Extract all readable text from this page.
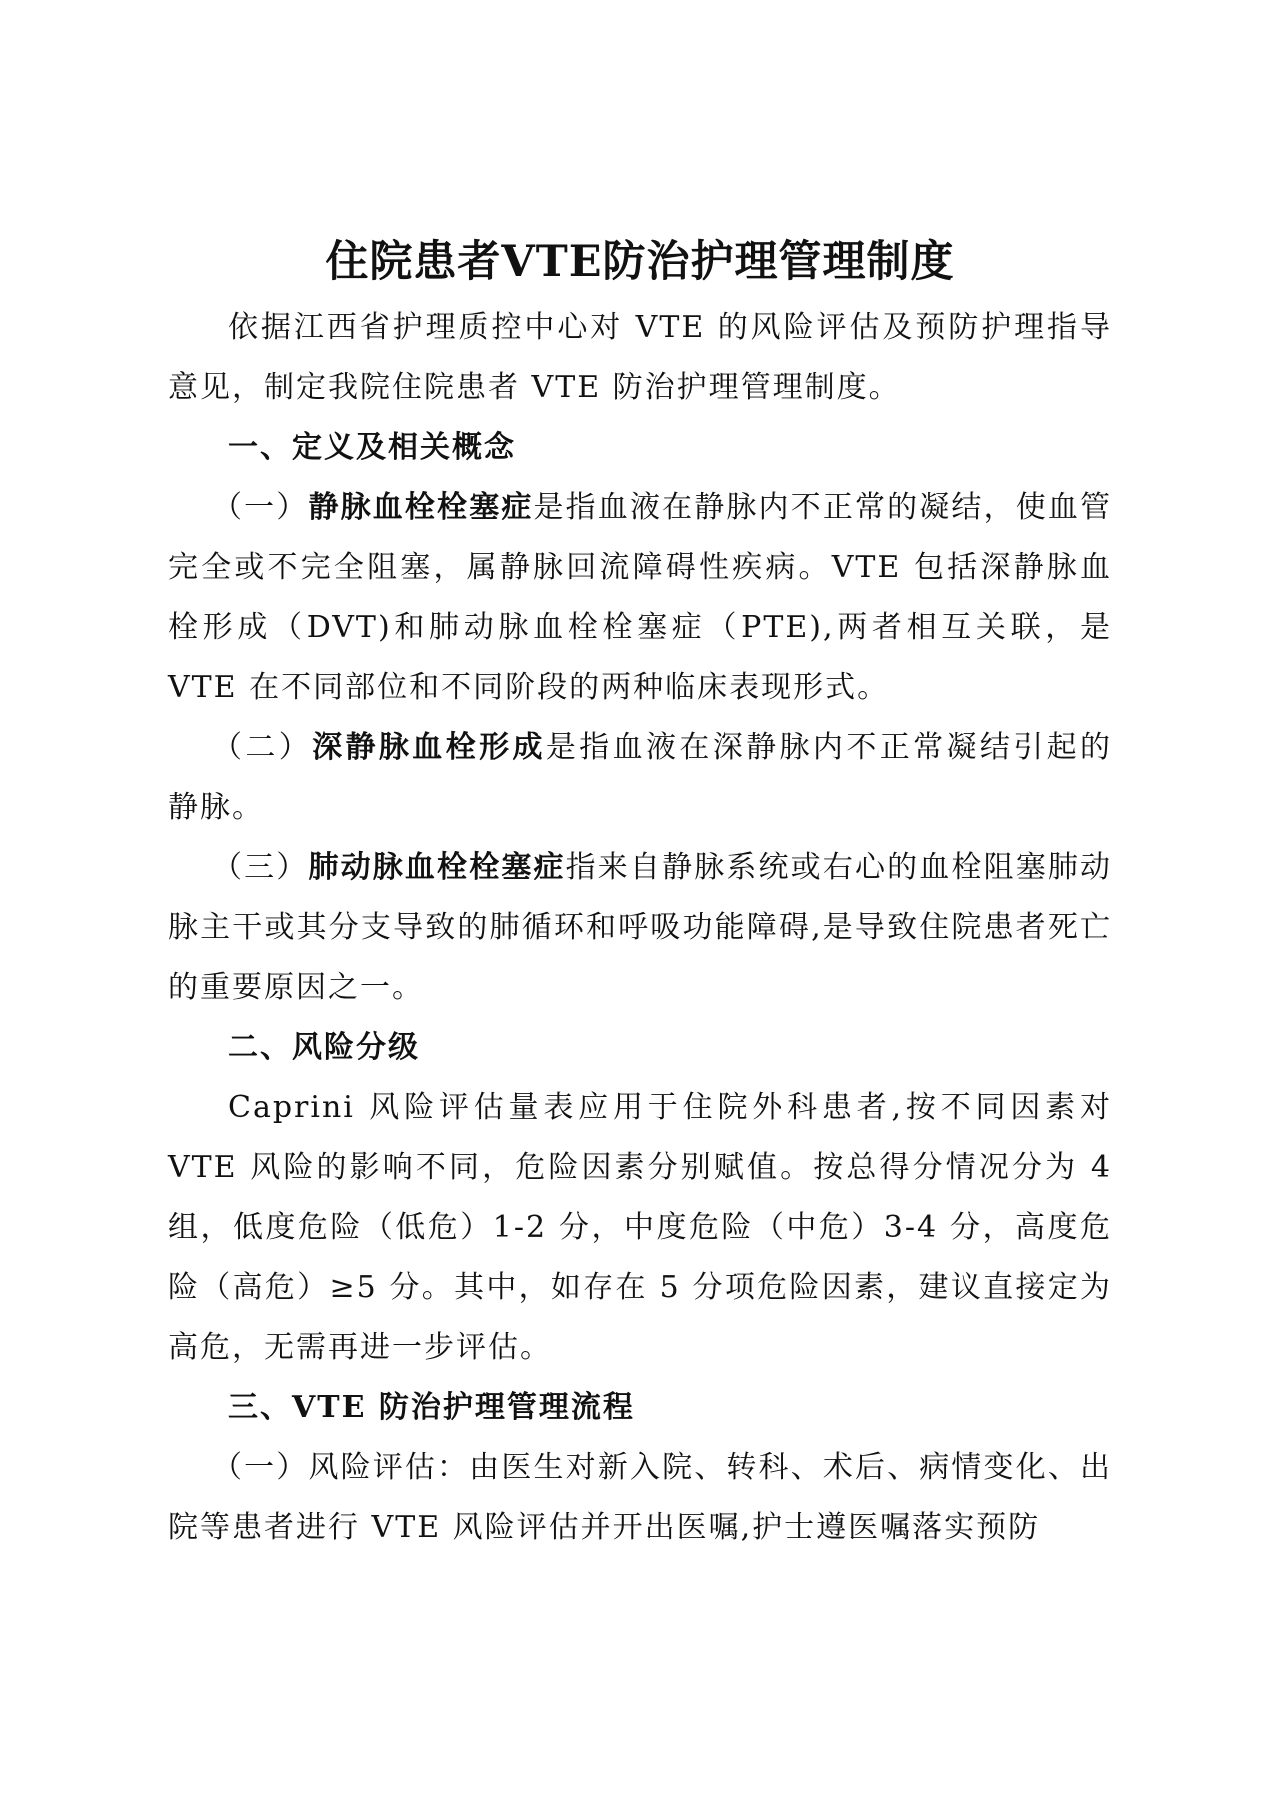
住院患者VTE防治护理管理制度

依据江西省护理质控中心对 VTE 的风险评估及预防护理指导意见，制定我院住院患者 VTE 防治护理管理制度。

一、定义及相关概念

（一）静脉血栓栓塞症是指血液在静脉内不正常的凝结，使血管完全或不完全阻塞，属静脉回流障碍性疾病。VTE 包括深静脉血栓形成（DVT)和肺动脉血栓栓塞症（PTE),两者相互关联，是 VTE 在不同部位和不同阶段的两种临床表现形式。

（二）深静脉血栓形成是指血液在深静脉内不正常凝结引起的 静脉。

（三）肺动脉血栓栓塞症指来自静脉系统或右心的血栓阻塞肺动脉主干或其分支导致的肺循环和呼吸功能障碍,是导致住院患者死亡的重要原因之一。

二、风险分级

Caprini 风险评估量表应用于住院外科患者,按不同因素对 VTE 风险的影响不同，危险因素分别赋值。按总得分情况分为 4 组，低度危险（低危）1-2 分，中度危险（中危）3-4 分，高度危险（高危）≥5 分。其中，如存在 5 分项危险因素，建议直接定为高危，无需再进一步评估。

三、VTE 防治护理管理流程

（一）风险评估：由医生对新入院、转科、术后、病情变化、出院等患者进行 VTE 风险评估并开出医嘱,护士遵医嘱落实预防
